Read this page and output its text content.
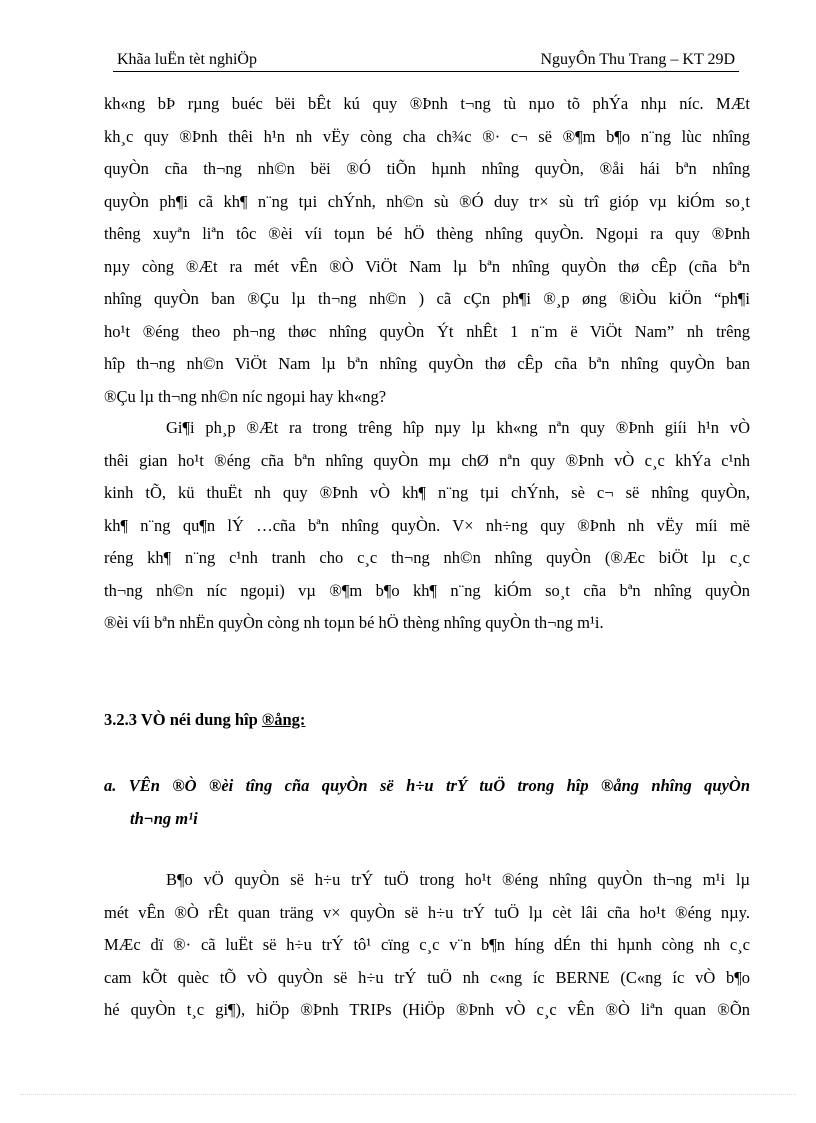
Khãa luËn tèt nghiÖp	NguyÔn Thu Trang – KT 29D
kh«ng bÞ rµng buéc bëi bÊt kú quy ®Þnh t¬ng tù nµo tõ phÝa nhµ níc. MÆt
kh¸c quy ®Þnh thêi h¹n nh vËy còng cha ch¾c ®· c¬ së ®¶m b¶o n¨ng lùc nhîng
quyÒn cña th¬ng nh©n bëi ®Ó tiÕn hµnh nhîng quyÒn, ®åi hái bªn nhîng
quyÒn ph¶i cã kh¶ n¨ng tµi chÝnh, nh©n sù ®Ó duy tr× sù trî gióp vµ kiÓm so¸t
thêng xuyªn liªn tôc ®èi víi toµn bé hÖ thèng nhîng quyÒn. Ngoµi ra quy ®Þnh
nµy còng ®Æt ra mét vÊn ®Ò ViÖt Nam lµ bªn nhîng quyÒn thø cÊp (cña bªn
nhîng quyÒn ban ®Çu lµ th¬ng nh©n ) cã cÇn ph¶i ®¸p øng ®iÒu kiÖn “ph¶i
ho¹t ®éng theo ph¬ng thøc nhîng quyÒn Ýt nhÊt 1 n¨m ë ViÖt Nam” nh trêng
hîp th¬ng nh©n ViÖt Nam lµ bªn nhîng quyÒn thø cÊp cña bªn nhîng quyÒn ban
®Çu lµ th¬ng nh©n níc ngoµi hay kh«ng?
Gi¶i ph¸p ®Æt ra trong trêng hîp nµy lµ kh«ng nªn quy ®Þnh giíi h¹n vÒ
thêi gian ho¹t ®éng cña bªn nhîng quyÒn mµ chØ nªn quy ®Þnh vÒ c¸c khÝa c¹nh
kinh tÕ, kü thuËt nh quy ®Þnh vÒ kh¶ n¨ng tµi chÝnh, sè c¬ së nhîng quyÒn,
kh¶ n¨ng qu¶n lÝ …cña bªn nhîng quyÒn. V× nh÷ng quy ®Þnh nh vËy míi më
réng kh¶ n¨ng c¹nh tranh cho c¸c th¬ng nh©n nhîng quyÒn (®Æc biÖt lµ c¸c
th¬ng nh©n níc ngoµi) vµ ®¶m b¶o kh¶ n¨ng kiÓm so¸t cña bªn nhîng quyÒn
®èi víi bªn nhËn quyÒn còng nh toµn bé hÖ thèng nhîng quyÒn th¬ng m¹i.
3.2.3 VÒ néi dung hîp ®ång:
a. VÊn ®Ò ®èi tîng cña quyÒn së h÷u trÝ tuÖ trong hîp ®ång nhîng quyÒn
th¬ng m¹i
B¶o vÖ quyÒn së h÷u trÝ tuÖ trong ho¹t ®éng nhîng quyÒn th¬ng m¹i lµ
mét vÊn ®Ò rÊt quan träng v× quyÒn së h÷u trÝ tuÖ lµ cèt lâi cña ho¹t ®éng nµy.
MÆc dï ®· cã luËt së h÷u trÝ tô¹ cïng c¸c v¨n b¶n híng dÉn thi hµnh còng nh c¸c
cam kÕt quèc tÕ vÒ quyÒn së h÷u trÝ tuÖ nh c«ng íc BERNE (C«ng íc vÒ b¶o
hé quyÒn t¸c gi¶), hiÖp ®Þnh TRIPs (HiÖp ®Þnh vÒ c¸c vÊn ®Ò liªn quan ®Õn
